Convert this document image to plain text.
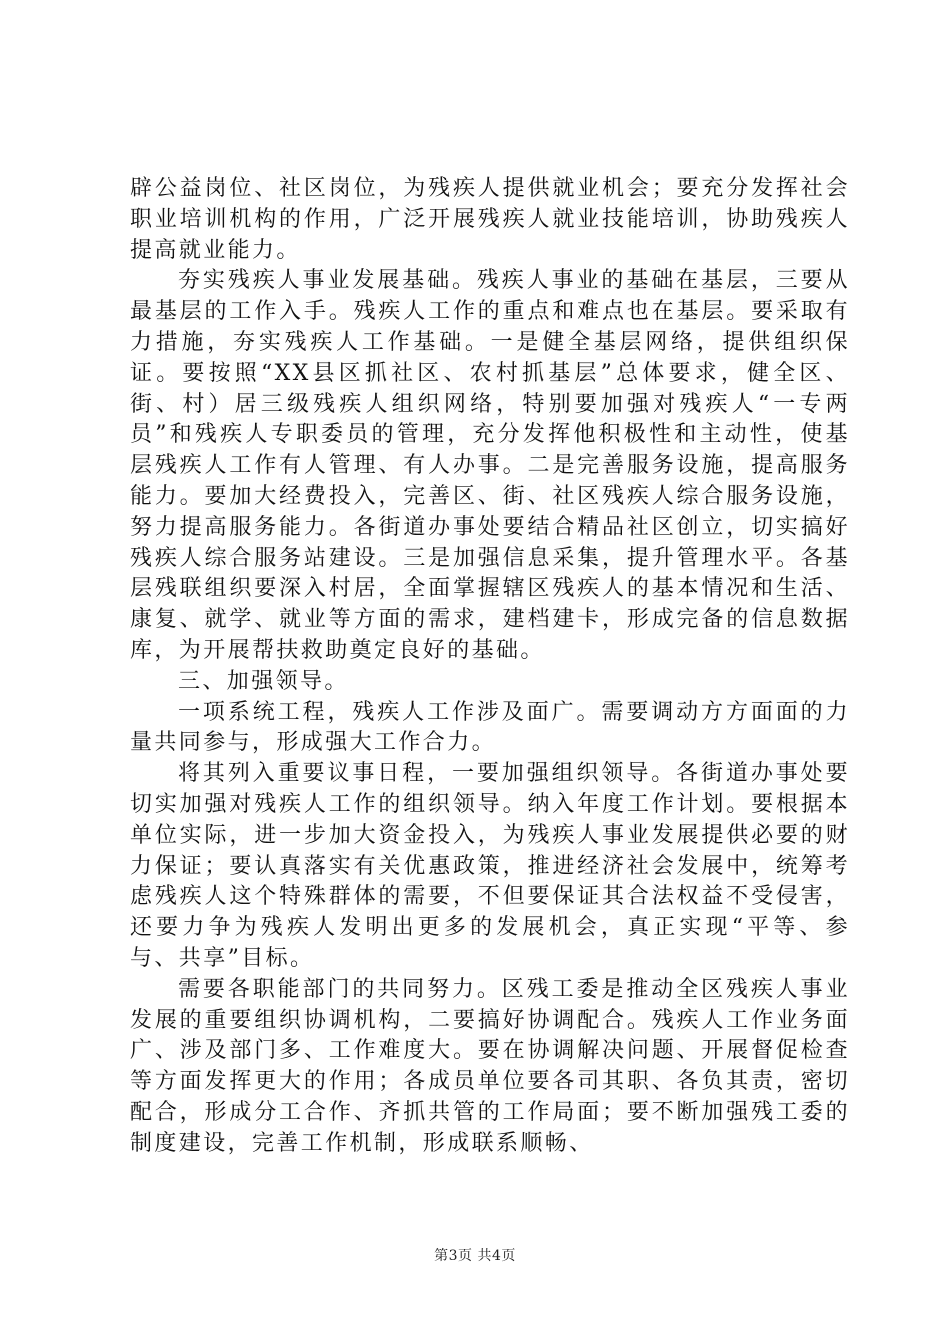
辟公益岗位、社区岗位，为残疾人提供就业机会；要充分发挥社会职业培训机构的作用，广泛开展残疾人就业技能培训，协助残疾人提高就业能力。

夯实残疾人事业发展基础。残疾人事业的基础在基层，三要从最基层的工作入手。残疾人工作的重点和难点也在基层。要采取有力措施，夯实残疾人工作基础。一是健全基层网络，提供组织保证。要按照“XX县区抓社区、农村抓基层”总体要求，健全区、街、村）居三级残疾人组织网络，特别要加强对残疾人“一专两员”和残疾人专职委员的管理，充分发挥他积极性和主动性，使基层残疾人工作有人管理、有人办事。二是完善服务设施，提高服务能力。要加大经费投入，完善区、街、社区残疾人综合服务设施，努力提高服务能力。各街道办事处要结合精品社区创立，切实搞好残疾人综合服务站建设。三是加强信息采集，提升管理水平。各基层残联组织要深入村居，全面掌握辖区残疾人的基本情况和生活、康复、就学、就业等方面的需求，建档建卡，形成完备的信息数据库，为开展帮扶救助奠定良好的基础。

三、加强领导。

一项系统工程，残疾人工作涉及面广。需要调动方方面面的力量共同参与，形成强大工作合力。

将其列入重要议事日程，一要加强组织领导。各街道办事处要切实加强对残疾人工作的组织领导。纳入年度工作计划。要根据本单位实际，进一步加大资金投入，为残疾人事业发展提供必要的财力保证；要认真落实有关优惠政策，推进经济社会发展中，统筹考虑残疾人这个特殊群体的需要，不但要保证其合法权益不受侵害，还要力争为残疾人发明出更多的发展机会，真正实现“平等、参与、共享”目标。

需要各职能部门的共同努力。区残工委是推动全区残疾人事业发展的重要组织协调机构，二要搞好协调配合。残疾人工作业务面广、涉及部门多、工作难度大。要在协调解决问题、开展督促检查等方面发挥更大的作用；各成员单位要各司其职、各负其责，密切配合，形成分工合作、齐抓共管的工作局面；要不断加强残工委的制度建设，完善工作机制，形成联系顺畅、

第3页 共4页
